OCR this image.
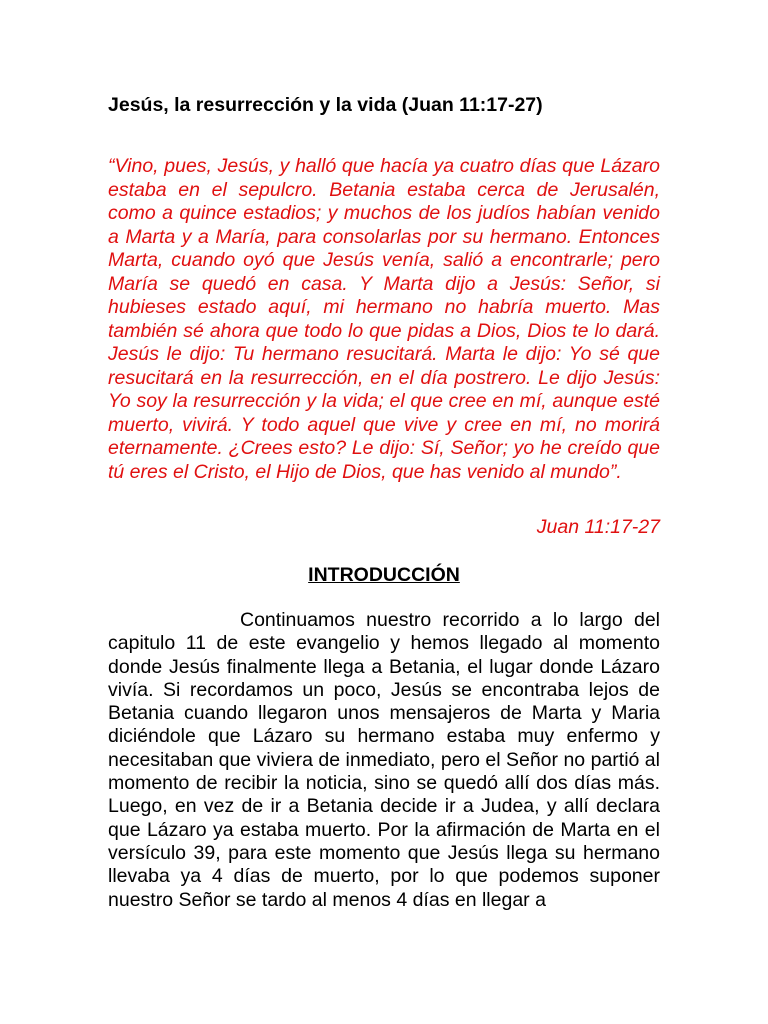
Jesús, la resurrección y la vida (Juan 11:17-27)
“Vino, pues, Jesús, y halló que hacía ya cuatro días que Lázaro estaba en el sepulcro. Betania estaba cerca de Jerusalén, como a quince estadios; y muchos de los judíos habían venido a Marta y a María, para consolarlas por su hermano. Entonces Marta, cuando oyó que Jesús venía, salió a encontrarle; pero María se quedó en casa. Y Marta dijo a Jesús: Señor, si hubieses estado aquí, mi hermano no habría muerto. Mas también sé ahora que todo lo que pidas a Dios, Dios te lo dará. Jesús le dijo: Tu hermano resucitará. Marta le dijo: Yo sé que resucitará en la resurrección, en el día postrero. Le dijo Jesús: Yo soy la resurrección y la vida; el que cree en mí, aunque esté muerto, vivirá. Y todo aquel que vive y cree en mí, no morirá eternamente. ¿Crees esto? Le dijo: Sí, Señor; yo he creído que tú eres el Cristo, el Hijo de Dios, que has venido al mundo”.
Juan 11:17-27
INTRODUCCIÓN

Continuamos nuestro recorrido a lo largo del capitulo 11 de este evangelio y hemos llegado al momento donde Jesús finalmente llega a Betania, el lugar donde Lázaro vivía. Si recordamos un poco, Jesús se encontraba lejos de Betania cuando llegaron unos mensajeros de Marta y Maria diciéndole que Lázaro su hermano estaba muy enfermo y necesitaban que viviera de inmediato, pero el Señor no partió al momento de recibir la noticia, sino se quedó allí dos días más. Luego, en vez de ir a Betania decide ir a Judea, y allí declara que Lázaro ya estaba muerto. Por la afirmación de Marta en el versículo 39, para este momento que Jesús llega su hermano llevaba ya 4 días de muerto, por lo que podemos suponer nuestro Señor se tardo al menos 4 días en llegar a
